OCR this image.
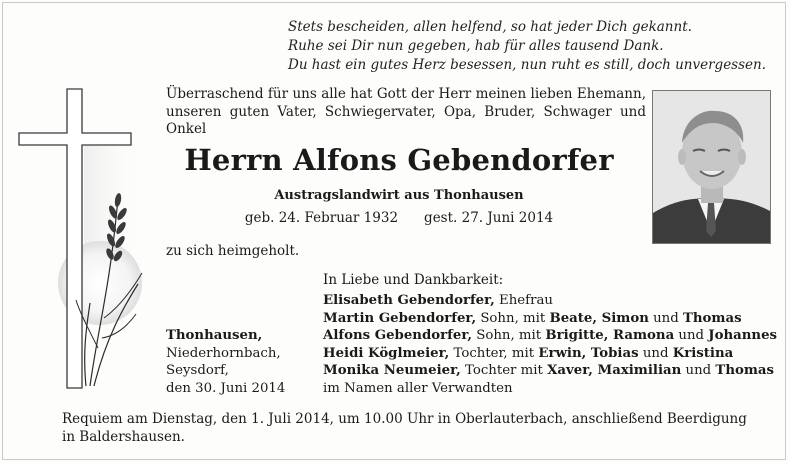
Stets bescheiden, allen helfend, so hat jeder Dich gekannt.
Ruhe sei Dir nun gegeben, hab für alles tausend Dank.
Du hast ein gutes Herz besessen, nun ruht es still, doch unvergessen.
Überraschend für uns alle hat Gott der Herr meinen lieben Ehemann, unseren guten Vater, Schwiegervater, Opa, Bruder, Schwager und Onkel
Herrn Alfons Gebendorfer
Austragslandwirt aus Thonhausen
geb. 24. Februar 1932 gest. 27. Juni 2014
zu sich heimgeholt.
In Liebe und Dankbarkeit:
Elisabeth Gebendorfer, Ehefrau
Martin Gebendorfer, Sohn, mit Beate, Simon und Thomas
Alfons Gebendorfer, Sohn, mit Brigitte, Ramona und Johannes
Heidi Köglmeier, Tochter, mit Erwin, Tobias und Kristina
Monika Neumeier, Tochter mit Xaver, Maximilian und Thomas
im Namen aller Verwandten
Thonhausen,
Niederhornbach,
Seysdorf,
den 30. Juni 2014
Requiem am Dienstag, den 1. Juli 2014, um 10.00 Uhr in Oberlauterbach, anschließend Beerdigung in Baldershausen.
